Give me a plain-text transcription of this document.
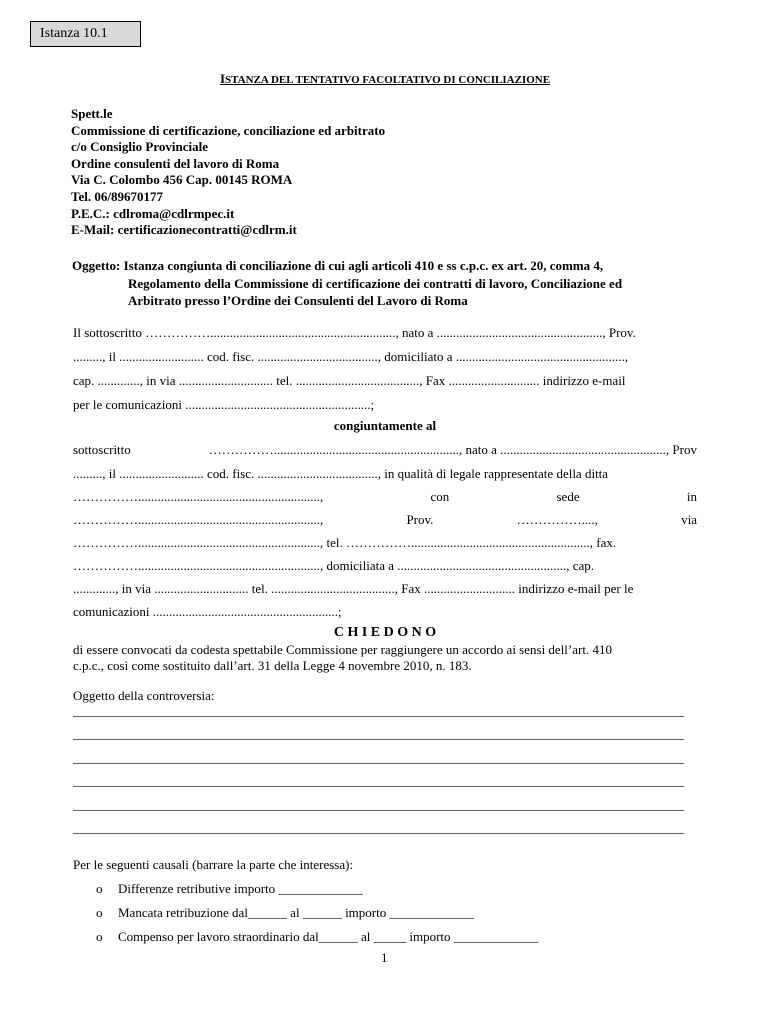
Istanza 10.1
ISTANZA DEL TENTATIVO FACOLTATIVO DI CONCILIAZIONE
Spett.le
Commissione di certificazione, conciliazione ed arbitrato
c/o Consiglio Provinciale
Ordine consulenti del lavoro di Roma
Via C. Colombo 456 Cap. 00145 ROMA
Tel. 06/89670177
P.E.C.: cdlroma@cdlrmpec.it
E-Mail: certificazionecontratti@cdlrm.it
Oggetto: Istanza congiunta di conciliazione di cui agli articoli 410 e ss c.p.c. ex art. 20, comma 4,
Regolamento della Commissione di certificazione dei contratti di lavoro, Conciliazione ed
Arbitrato presso l’Ordine dei Consulenti del Lavoro di Roma
Il sottoscritto ……………........................................................., nato a ..................................................., Prov.
........., il .......................... cod. fisc. ....................................., domiciliato a ....................................................,
cap. ............., in via ............................. tel. ......................................, Fax ............................ indirizzo e-mail
per le comunicazioni .........................................................;
congiuntamente al
sottoscritto	……………........................................................., nato a ..................................................., Prov
........., il .......................... cod. fisc. ....................................., in qualità di legale rappresentate della ditta
……………........................................................,	con	sede	in
……………........................................................,	Prov.	……………....,	via
……………........................................................, tel. ……………......................................................., fax.
……………........................................................, domiciliata a ...................................................., cap.
............., in via ............................. tel. ......................................, Fax ............................ indirizzo e-mail per le
comunicazioni .........................................................;
C H I E D O N O
di essere convocati da codesta spettabile Commissione per raggiungere un accordo ai sensi dell’art. 410
c.p.c., così come sostituito dall’art. 31 della Legge 4 novembre 2010, n. 183.
Oggetto della controversia:
______________________________________________________________________________________________
______________________________________________________________________________________________
______________________________________________________________________________________________
______________________________________________________________________________________________
______________________________________________________________________________________________
______________________________________________________________________________________________
Per le seguenti causali (barrare la parte che interessa):
o Differenze retributive importo _____________
o Mancata retribuzione dal______ al ______ importo _____________
o Compenso per lavoro straordinario dal______ al _____ importo _____________
1
